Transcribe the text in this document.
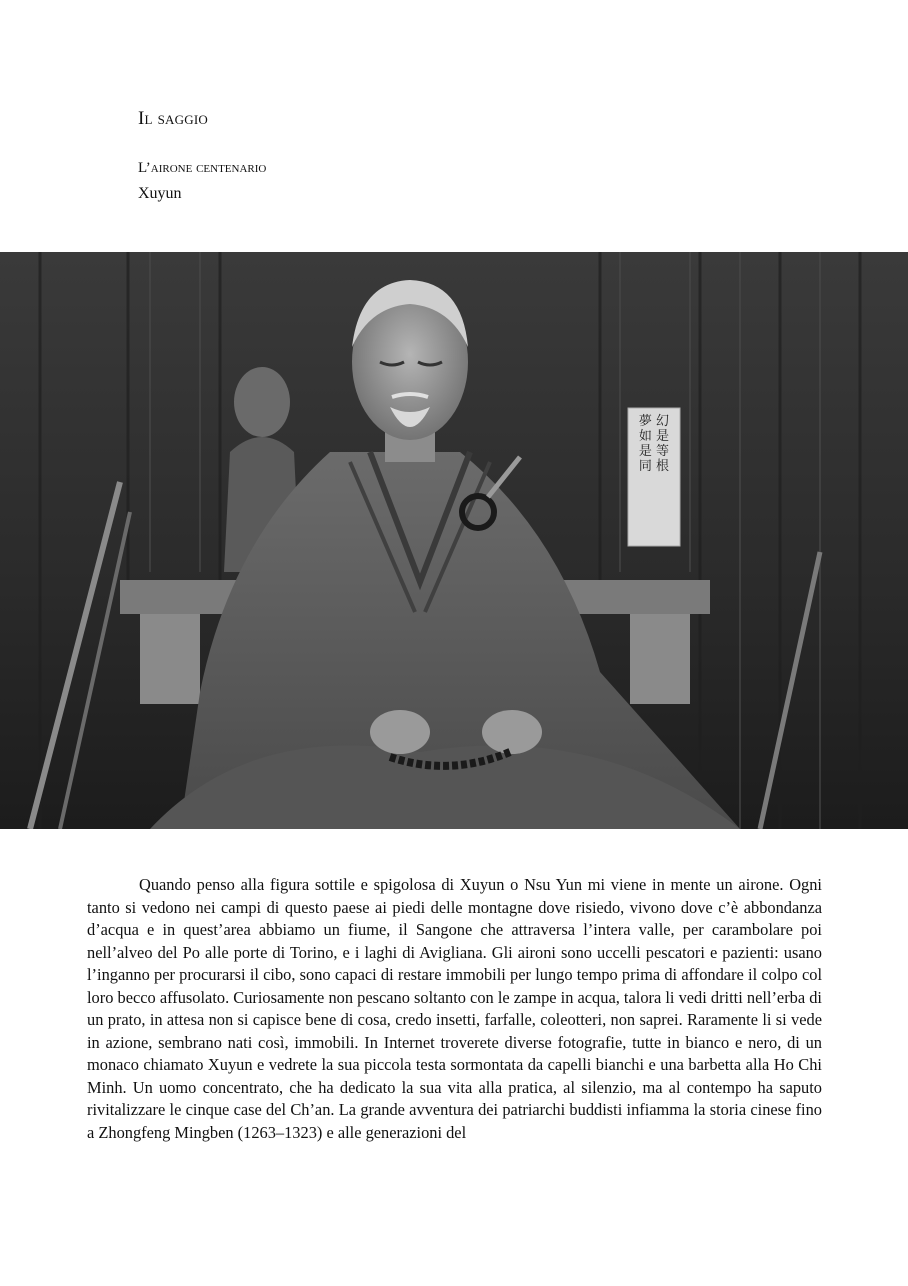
Il saggio
L’airone centenario
Xuyun
夢 幻 如 是 是 等 同 根

Quando penso alla figura sottile e spigolosa di Xuyun o Nsu Yun mi viene in mente un airone. Ogni tanto si vedono nei campi di questo paese ai piedi delle montagne dove risiedo, vivono dove c’è abbondanza d’acqua e in quest’area abbiamo un fiume, il Sangone che attraversa l’intera valle, per carambolare poi nell’alveo del Po alle porte di Torino, e i laghi di Avigliana. Gli aironi sono uccelli pescatori e pazienti: usano l’inganno per procurarsi il cibo, sono capaci di restare immobili per lungo tempo prima di affondare il colpo col loro becco affusolato. Curiosamente non pescano soltanto con le zampe in acqua, talora li vedi dritti nell’erba di un prato, in attesa non si capisce bene di cosa, credo insetti, farfalle, coleotteri, non saprei. Raramente li si vede in azione, sembrano nati così, immobili. In Internet troverete diverse fotografie, tutte in bianco e nero, di un monaco chiamato Xuyun e vedrete la sua piccola testa sormontata da capelli bianchi e una barbetta alla Ho Chi Minh. Un uomo concentrato, che ha dedicato la sua vita alla pratica, al silenzio, ma al contempo ha saputo rivitalizzare le cinque case del Ch’an. La grande avventura dei patriarchi buddisti infiamma la storia cinese fino a Zhongfeng Mingben (1263–1323) e alle generazioni del
